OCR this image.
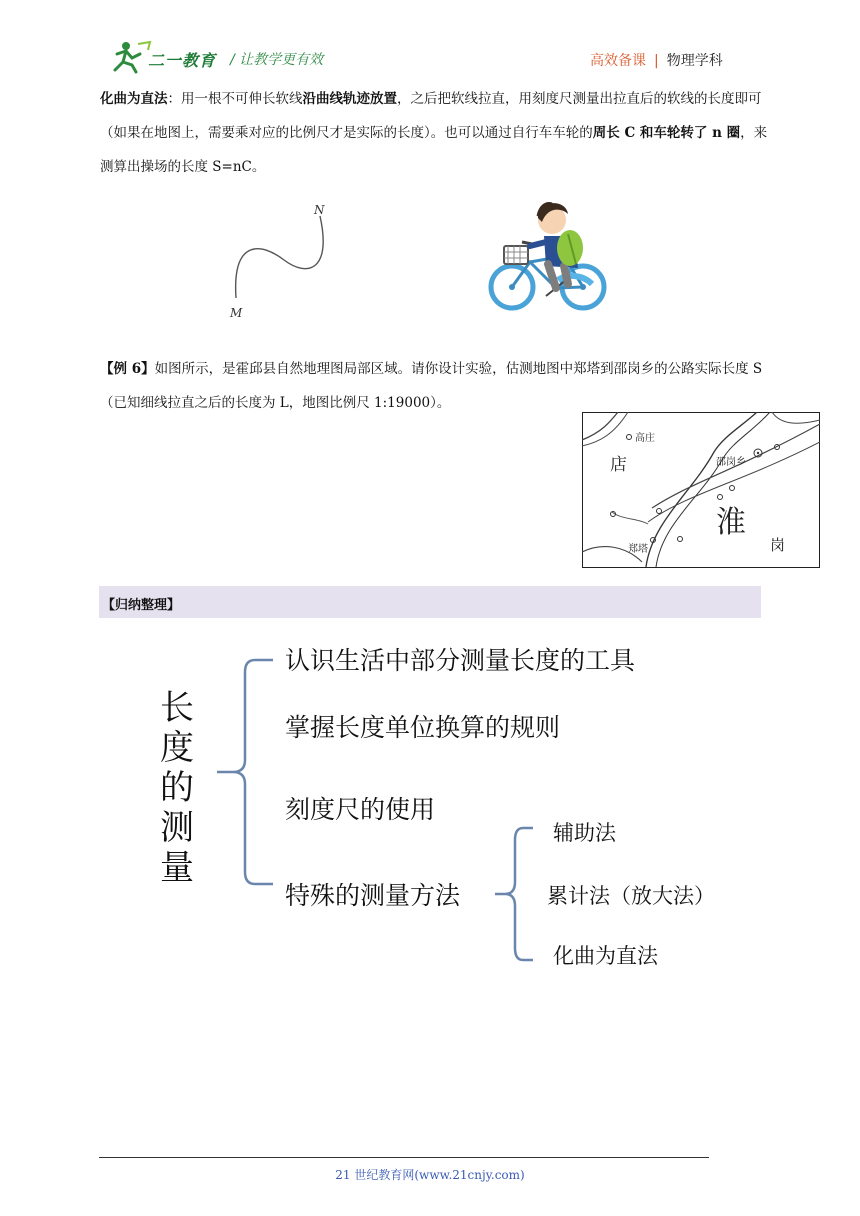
二一教育 / 让教学更有效	高效备课 | 物理学科
化曲为直法：用一根不可伸长软线沿曲线轨迹放置，之后把软线拉直，用刻度尺测量出拉直后的软线的长度即可（如果在地图上，需要乘对应的比例尺才是实际的长度）。也可以通过自行车车轮的周长 C 和车轮转了 n 圈，来测算出操场的长度 S=nC。
N
M
【例 6】如图所示，是霍邱县自然地理图局部区域。请你设计实验，估测地图中郑塔到邵岗乡的公路实际长度 S（已知细线拉直之后的长度为 L，地图比例尺 1:19000）。
高庄
店	邵岗乡
淮
郑塔	岗
【归纳整理】
长
度
的
测
量
认识生活中部分测量长度的工具
掌握长度单位换算的规则
刻度尺的使用
特殊的测量方法
辅助法
累计法（放大法）
化曲为直法
21 世纪教育网(www.21cnjy.com)
